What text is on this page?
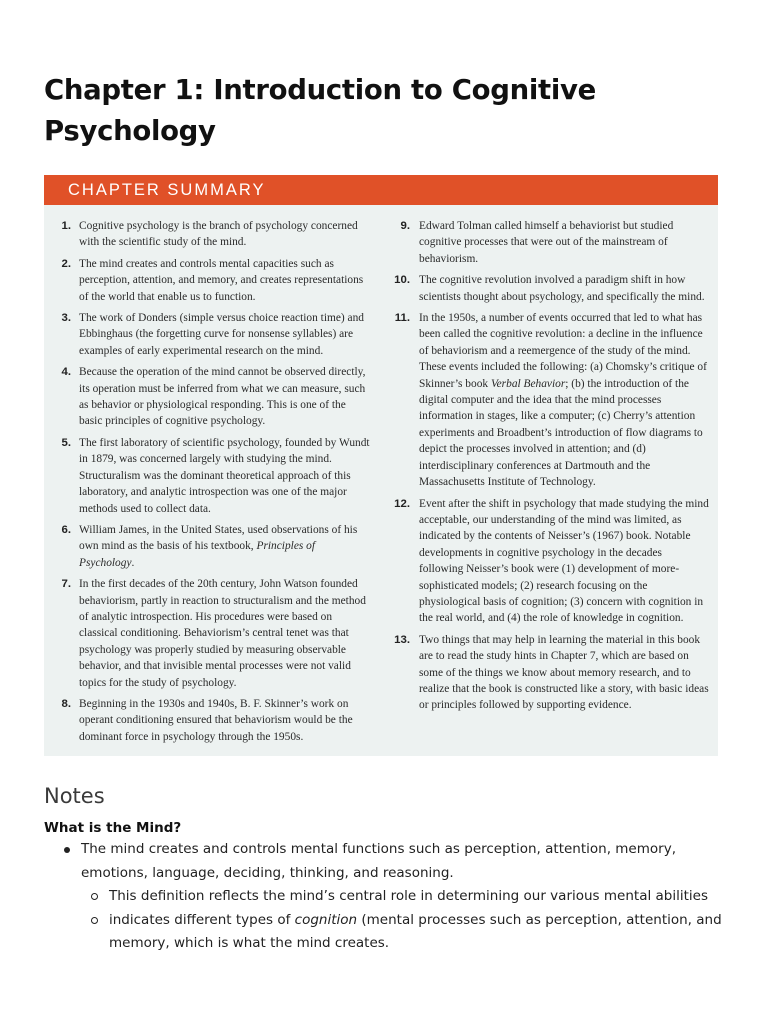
Chapter 1: Introduction to Cognitive Psychology
CHAPTER SUMMARY
1. Cognitive psychology is the branch of psychology concerned with the scientific study of the mind.
2. The mind creates and controls mental capacities such as perception, attention, and memory, and creates representations of the world that enable us to function.
3. The work of Donders (simple versus choice reaction time) and Ebbinghaus (the forgetting curve for nonsense syllables) are examples of early experimental research on the mind.
4. Because the operation of the mind cannot be observed directly, its operation must be inferred from what we can measure, such as behavior or physiological responding. This is one of the basic principles of cognitive psychology.
5. The first laboratory of scientific psychology, founded by Wundt in 1879, was concerned largely with studying the mind. Structuralism was the dominant theoretical approach of this laboratory, and analytic introspection was one of the major methods used to collect data.
6. William James, in the United States, used observations of his own mind as the basis of his textbook, Principles of Psychology.
7. In the first decades of the 20th century, John Watson founded behaviorism, partly in reaction to structuralism and the method of analytic introspection. His procedures were based on classical conditioning. Behaviorism’s central tenet was that psychology was properly studied by measuring observable behavior, and that invisible mental processes were not valid topics for the study of psychology.
8. Beginning in the 1930s and 1940s, B. F. Skinner’s work on operant conditioning ensured that behaviorism would be the dominant force in psychology through the 1950s.
9. Edward Tolman called himself a behaviorist but studied cognitive processes that were out of the mainstream of behaviorism.
10. The cognitive revolution involved a paradigm shift in how scientists thought about psychology, and specifically the mind.
11. In the 1950s, a number of events occurred that led to what has been called the cognitive revolution: a decline in the influence of behaviorism and a reemergence of the study of the mind. These events included the following: (a) Chomsky’s critique of Skinner’s book Verbal Behavior; (b) the introduction of the digital computer and the idea that the mind processes information in stages, like a computer; (c) Cherry’s attention experiments and Broadbent’s introduction of flow diagrams to depict the processes involved in attention; and (d) interdisciplinary conferences at Dartmouth and the Massachusetts Institute of Technology.
12. Event after the shift in psychology that made studying the mind acceptable, our understanding of the mind was limited, as indicated by the contents of Neisser’s (1967) book. Notable developments in cognitive psychology in the decades following Neisser’s book were (1) development of more-sophisticated models; (2) research focusing on the physiological basis of cognition; (3) concern with cognition in the real world, and (4) the role of knowledge in cognition.
13. Two things that may help in learning the material in this book are to read the study hints in Chapter 7, which are based on some of the things we know about memory research, and to realize that the book is constructed like a story, with basic ideas or principles followed by supporting evidence.
Notes

What is the Mind?

The mind creates and controls mental functions such as perception, attention, memory, emotions, language, deciding, thinking, and reasoning.
This definition reflects the mind’s central role in determining our various mental abilities
indicates different types of cognition (mental processes such as perception, attention, and memory, which is what the mind creates.
